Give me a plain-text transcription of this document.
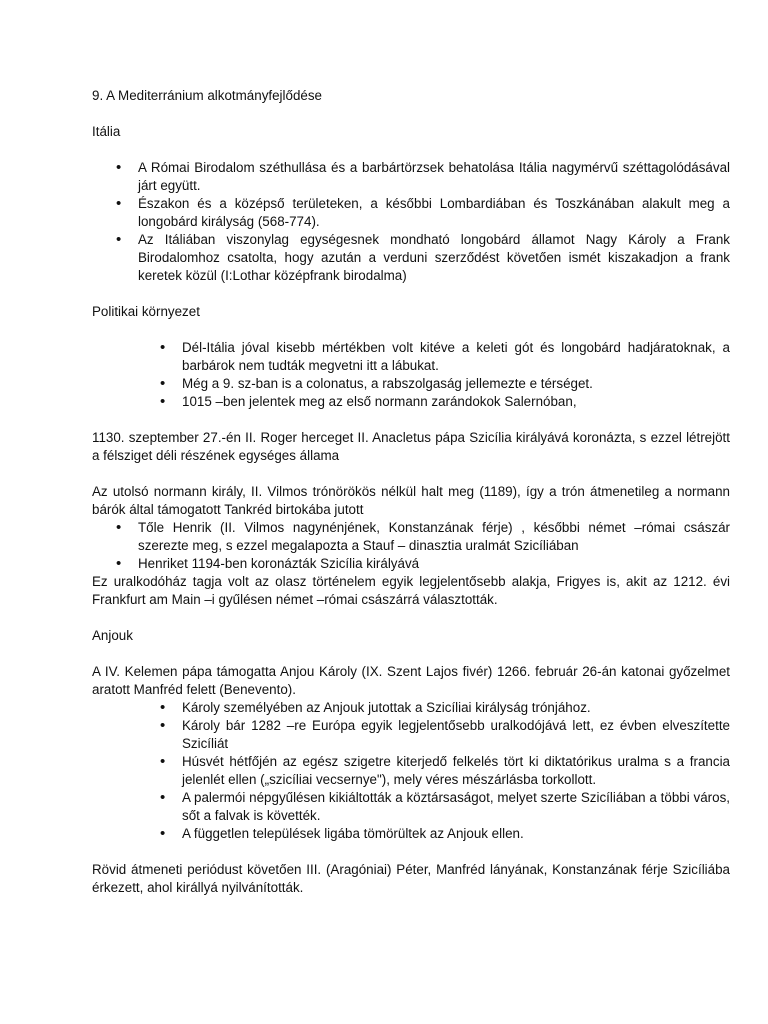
9. A Mediterránium alkotmányfejlődése

Itália

• A Római Birodalom széthullása és a barbártörzsek behatolása Itália nagymérvű széttagolódásával járt együtt.
• Északon és a középső területeken, a későbbi Lombardiában és Toszkánában alakult meg a longobárd királyság (568-774).
• Az Itáliában viszonylag egységesnek mondható longobárd államot Nagy Károly a Frank Birodalomhoz csatolta, hogy azután a verduni szerződést követően ismét kiszakadjon a frank keretek közül (I:Lothar középfrank birodalma)

Politikai környezet

• Dél-Itália jóval kisebb mértékben volt kitéve a keleti gót és longobárd hadjáratoknak, a barbárok nem tudták megvetni itt a lábukat.
• Még a 9. sz-ban is a colonatus, a rabszolgaság jellemezte e térséget.
• 1015 –ben jelentek meg az első normann zarándokok Salernóban,

1130. szeptember 27.-én II. Roger herceget II. Anacletus pápa Szicília királyává koronázta, s ezzel létrejött a félsziget déli részének egységes állama

Az utolsó normann király, II. Vilmos trónörökös nélkül halt meg (1189), így a trón átmenetileg a normann bárók által támogatott Tankréd birtokába jutott

• Tőle Henrik (II. Vilmos nagynénjének, Konstanzának férje) , későbbi német –római császár szerezte meg, s ezzel megalapozta a Stauf – dinasztia uralmát Szicíliában
• Henriket 1194-ben koronázták Szicília királyává

Ez uralkodóház tagja volt az olasz történelem egyik legjelentősebb alakja, Frigyes is, akit az 1212. évi Frankfurt am Main –i gyűlésen német –római császárrá választották.

Anjouk

A IV. Kelemen pápa támogatta Anjou Károly (IX. Szent Lajos fivér) 1266. február 26-án katonai győzelmet aratott Manfréd felett (Benevento).

• Károly személyében az Anjouk jutottak a Szicíliai királyság trónjához.
• Károly bár 1282 –re Európa egyik legjelentősebb uralkodójává lett, ez évben elveszítette Szicíliát
• Húsvét hétfőjén az egész szigetre kiterjedő felkelés tört ki diktatórikus uralma s a francia jelenlét ellen („szicíliai vecsernye"), mely véres mészárlásba torkollott.
• A palermói népgyűlésen kikiáltották a köztársaságot, melyet szerte Szicíliában a többi város, sőt a falvak is követték.
• A független települések ligába tömörültek az Anjouk ellen.

Rövid átmeneti periódust követően III. (Aragóniai) Péter, Manfréd lányának, Konstanzának férje Szicíliába érkezett, ahol királlyá nyilvánították.
